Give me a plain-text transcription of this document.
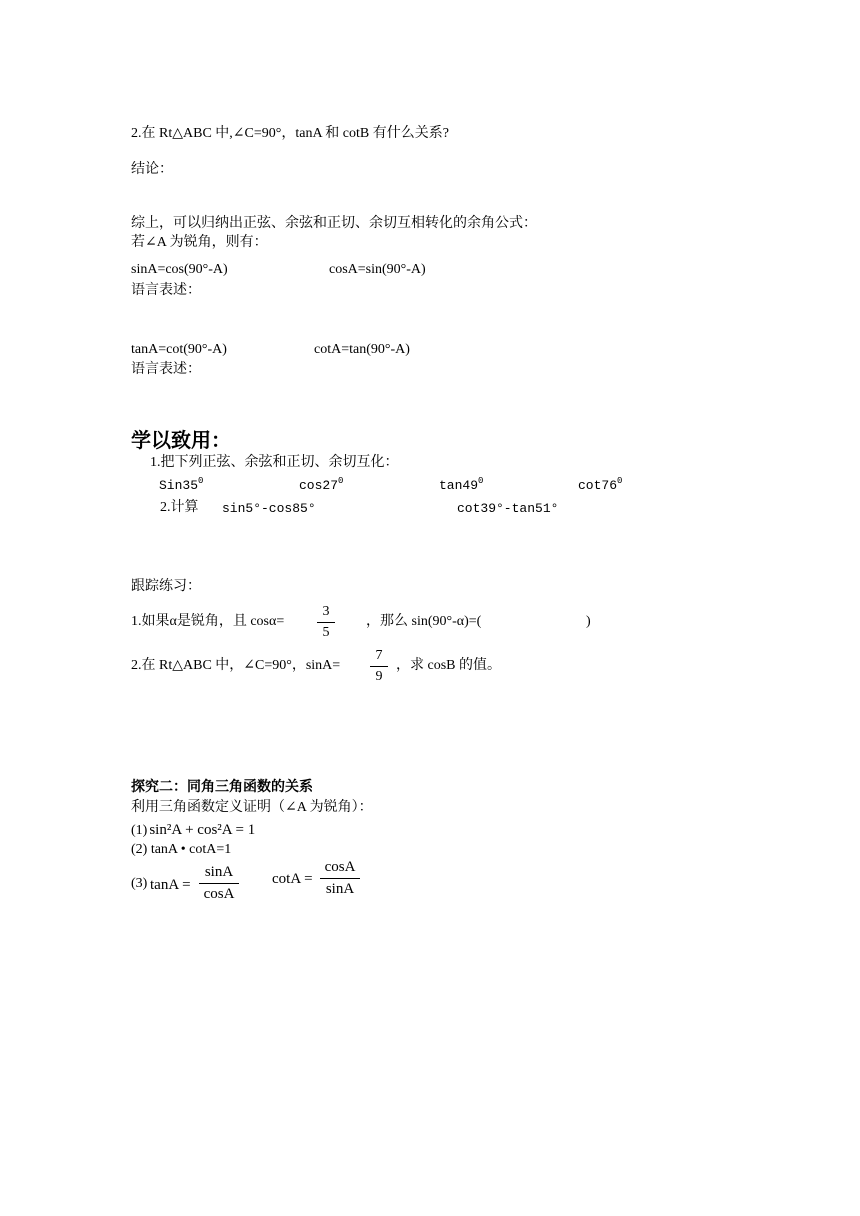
2.在 Rt△ABC 中,∠C=90°，tanA 和 cotB 有什么关系?
结论：
综上，可以归纳出正弦、余弦和正切、余切互相转化的余角公式：
若∠A 为锐角，则有：
sinA=cos(90°-A)	cosA=sin(90°-A)
语言表述：
tanA=cot(90°-A)	cotA=tan(90°-A)
语言表述：
学以致用：
1.把下列正弦、余弦和正切、余切互化：
$Sin35^0$	$\cos 27^0$	$\tan 49^0$	$\cot 76^0$
2.计算 sin5°-cos85°	cot39°-tan51°
跟踪练习：
1.如果α是锐角，且 cosα=
3
5
，那么 sin(90°-α)=(	)
2.在 Rt△ABC 中，∠C=90°，sinA=
7
9
，求 cosB 的值。
探究二：同角三角函数的关系
利用三角函数定义证明（∠A 为锐角）：
(1) sin²A + cos²A = 1
(2) tanA • cotA=1
(3) tanA =
sinA
cosA
cotA =
cosA
sinA
